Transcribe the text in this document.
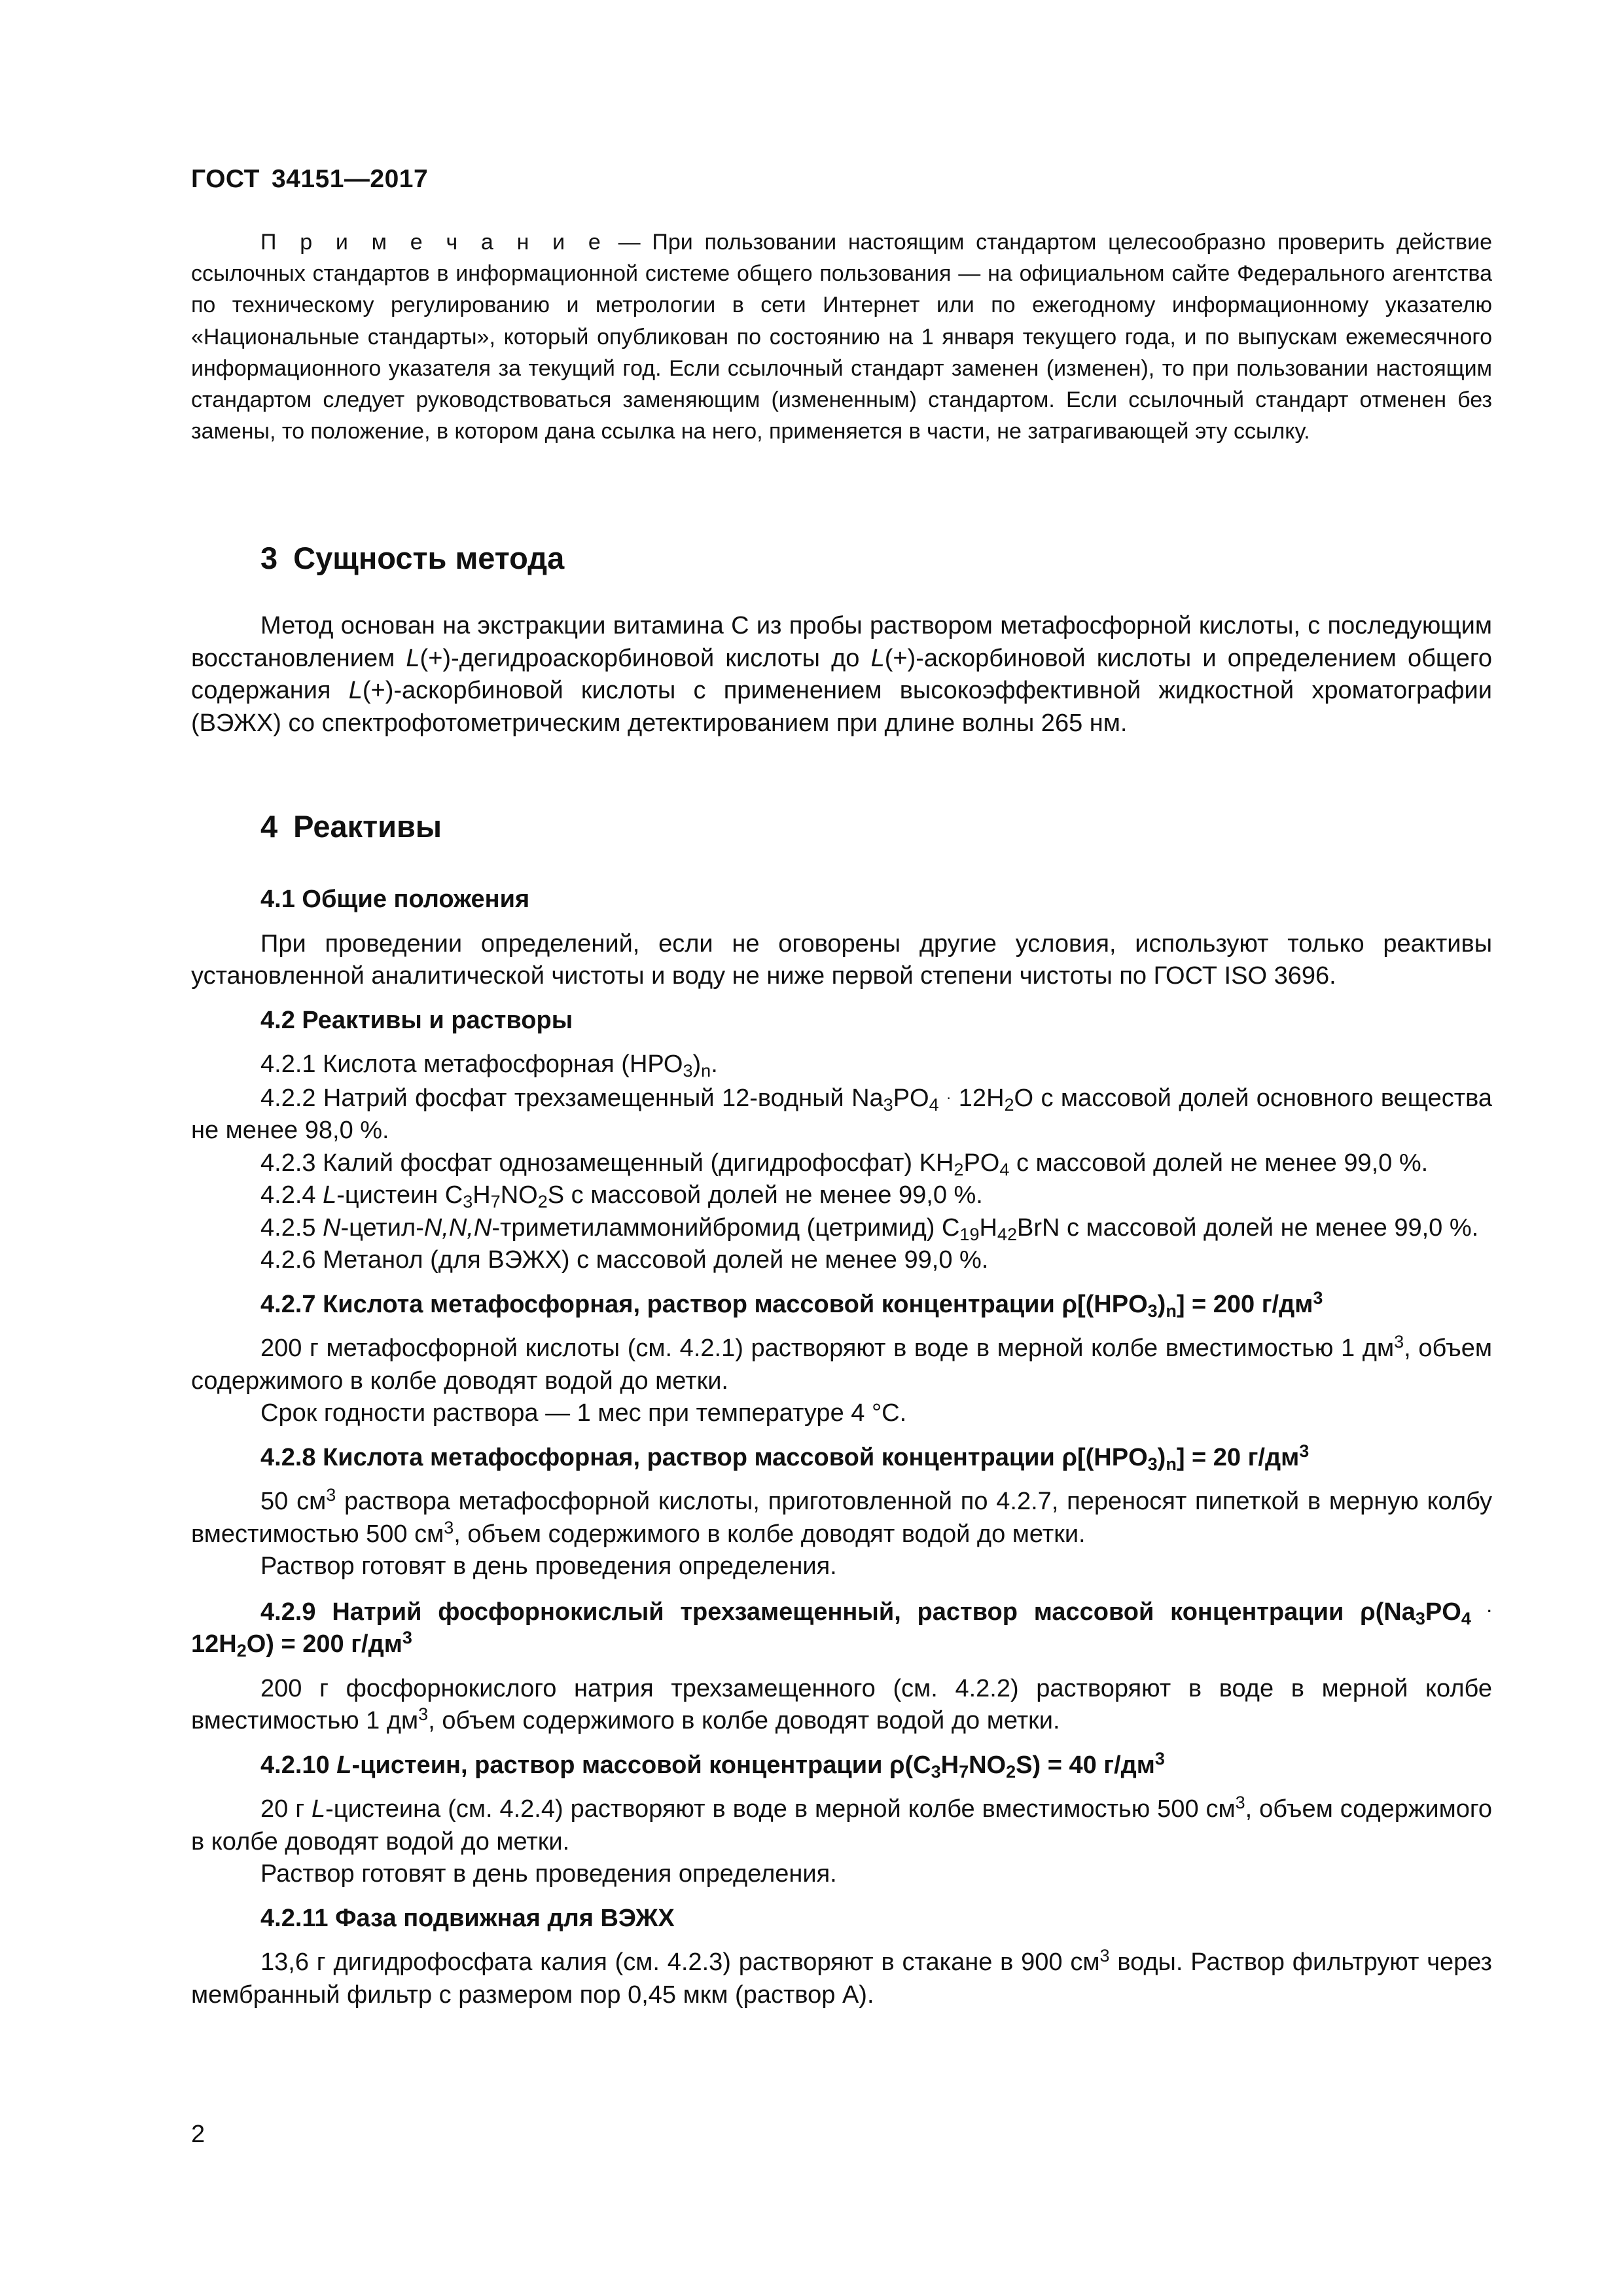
ГОСТ 34151—2017
П р и м е ч а н и е — При пользовании настоящим стандартом целесообразно проверить действие ссылочных стандартов в информационной системе общего пользования — на официальном сайте Федерального агентства по техническому регулированию и метрологии в сети Интернет или по ежегодному информационному указателю «Национальные стандарты», который опубликован по состоянию на 1 января текущего года, и по выпускам ежемесячного информационного указателя за текущий год. Если ссылочный стандарт заменен (изменен), то при пользовании настоящим стандартом следует руководствоваться заменяющим (измененным) стандартом. Если ссылочный стандарт отменен без замены, то положение, в котором дана ссылка на него, применяется в части, не затрагивающей эту ссылку.
3 Сущность метода

Метод основан на экстракции витамина С из пробы раствором метафосфорной кислоты, с последующим восстановлением L(+)-дегидроаскорбиновой кислоты до L(+)-аскорбиновой кислоты и определением общего содержания L(+)-аскорбиновой кислоты с применением высокоэффективной жидкостной хроматографии (ВЭЖХ) со спектрофотометрическим детектированием при длине волны 265 нм.

4 Реактивы

4.1 Общие положения

При проведении определений, если не оговорены другие условия, используют только реактивы установленной аналитической чистоты и воду не ниже первой степени чистоты по ГОСТ ISO 3696.

4.2 Реактивы и растворы

4.2.1 Кислота метафосфорная $(НРО_3)_n$.

4.2.2 Натрий фосфат трехзамещенный 12-водный $Na_3PO_4 \cdot 12H_2O$ с массовой долей основного вещества не менее 98,0 %.

4.2.3 Калий фосфат однозамещенный (дигидрофосфат) $KH_2PO_4$ с массовой долей не менее 99,0 %.

4.2.4 L-цистеин $C_3H_7NO_2S$ с массовой долей не менее 99,0 %.

4.2.5 N-цетил-N,N,N-триметиламмонийбромид (цетримид) $C_{19}H_{42}BrN$ с массовой долей не менее 99,0 %.

4.2.6 Метанол (для ВЭЖХ) с массовой долей не менее 99,0 %.

4.2.7 Кислота метафосфорная, раствор массовой концентрации $\rho[(HPO_3)_n] = 200$ $г/дм^3$

200 г метафосфорной кислоты (см. 4.2.1) растворяют в воде в мерной колбе вместимостью 1 $дм^3$, объем содержимого в колбе доводят водой до метки.

Срок годности раствора — 1 мес при температуре 4 °С.

4.2.8 Кислота метафосфорная, раствор массовой концентрации $\rho[(HPO_3)_n] = 20$ $г/дм^3$

50 $см^3$ раствора метафосфорной кислоты, приготовленной по 4.2.7, переносят пипеткой в мерную колбу вместимостью 500 $см^3$, объем содержимого в колбе доводят водой до метки.

Раствор готовят в день проведения определения.

4.2.9 Натрий фосфорнокислый трехзамещенный, раствор массовой концентрации $\rho(Na_3PO_4 \cdot 12H_2O) = 200$ $г/дм^3$

200 г фосфорнокислого натрия трехзамещенного (см. 4.2.2) растворяют в воде в мерной колбе вместимостью 1 $дм^3$, объем содержимого в колбе доводят водой до метки.

4.2.10 L-цистеин, раствор массовой концентрации $\rho(C_3H_7NO_2S) = 40$ $г/дм^3$

20 г L-цистеина (см. 4.2.4) растворяют в воде в мерной колбе вместимостью 500 $см^3$, объем содержимого в колбе доводят водой до метки.

Раствор готовят в день проведения определения.

4.2.11 Фаза подвижная для ВЭЖХ

13,6 г дигидрофосфата калия (см. 4.2.3) растворяют в стакане в 900 $см^3$ воды. Раствор фильтруют через мембранный фильтр с размером пор 0,45 мкм (раствор А).

2
